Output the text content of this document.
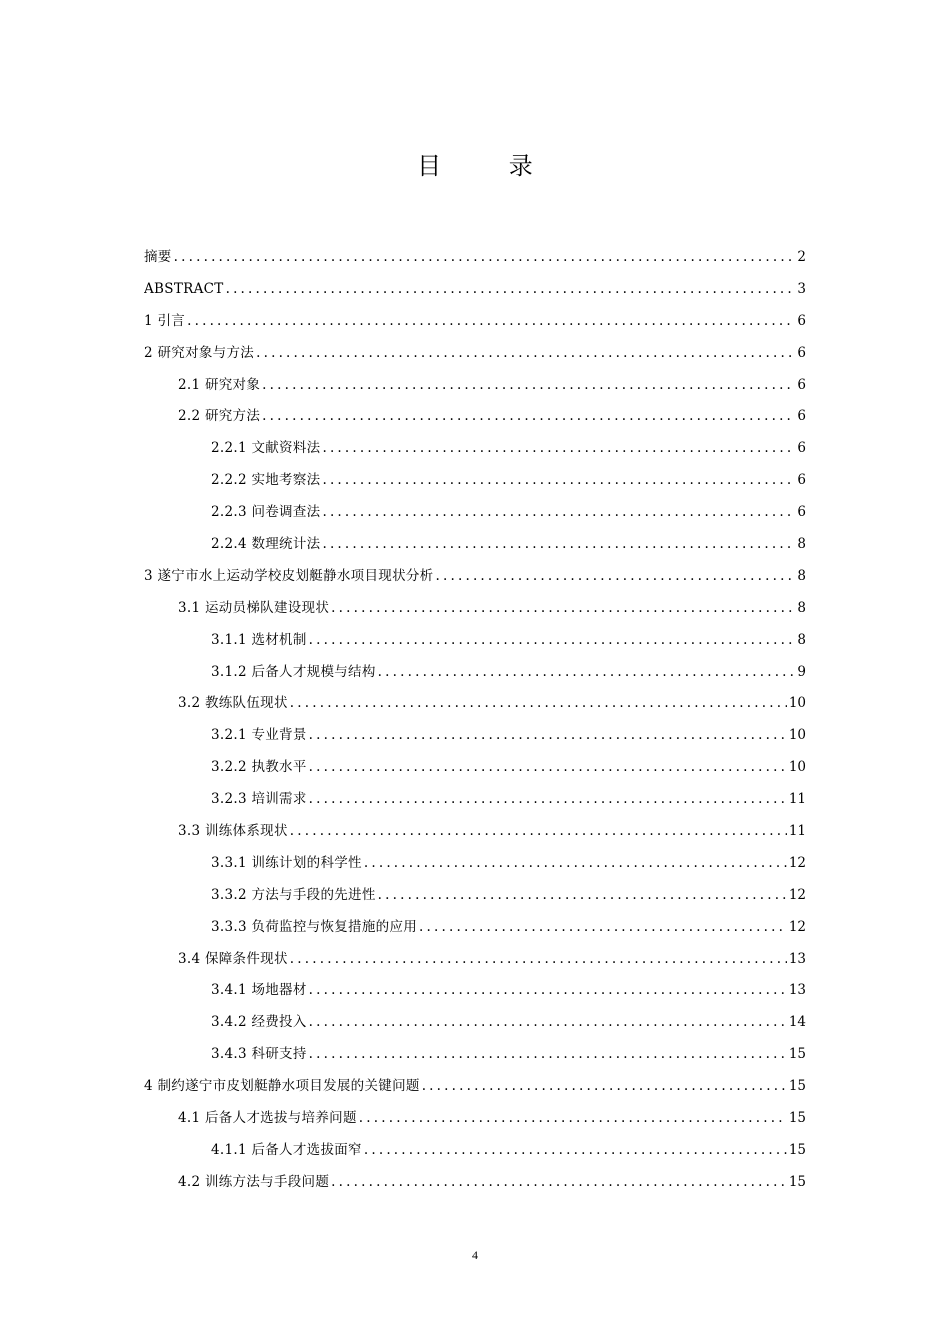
目 录
摘要 .....	2
ABSTRACT .....	3
1 引言 .....	6
2 研究对象与方法 .....	6
2.1 研究对象 .....	6
2.2 研究方法 .....	6
2.2.1 文献资料法 .....	6
2.2.2 实地考察法 .....	6
2.2.3 问卷调查法 .....	6
2.2.4 数理统计法 .....	8
3 遂宁市水上运动学校皮划艇静水项目现状分析 .....	8
3.1 运动员梯队建设现状 .....	8
3.1.1 选材机制 .....	8
3.1.2 后备人才规模与结构 .....	9
3.2 教练队伍现状 .....	10
3.2.1 专业背景 .....	10
3.2.2 执教水平 .....	10
3.2.3 培训需求 .....	11
3.3 训练体系现状 .....	11
3.3.1 训练计划的科学性 .....	12
3.3.2 方法与手段的先进性 .....	12
3.3.3 负荷监控与恢复措施的应用 .....	12
3.4 保障条件现状 .....	13
3.4.1 场地器材 .....	13
3.4.2 经费投入 .....	14
3.4.3 科研支持 .....	15
4 制约遂宁市皮划艇静水项目发展的关键问题 .....	15
4.1 后备人才选拔与培养问题 .....	15
4.1.1 后备人才选拔面窄 .....	15
4.2 训练方法与手段问题 .....	15
4
